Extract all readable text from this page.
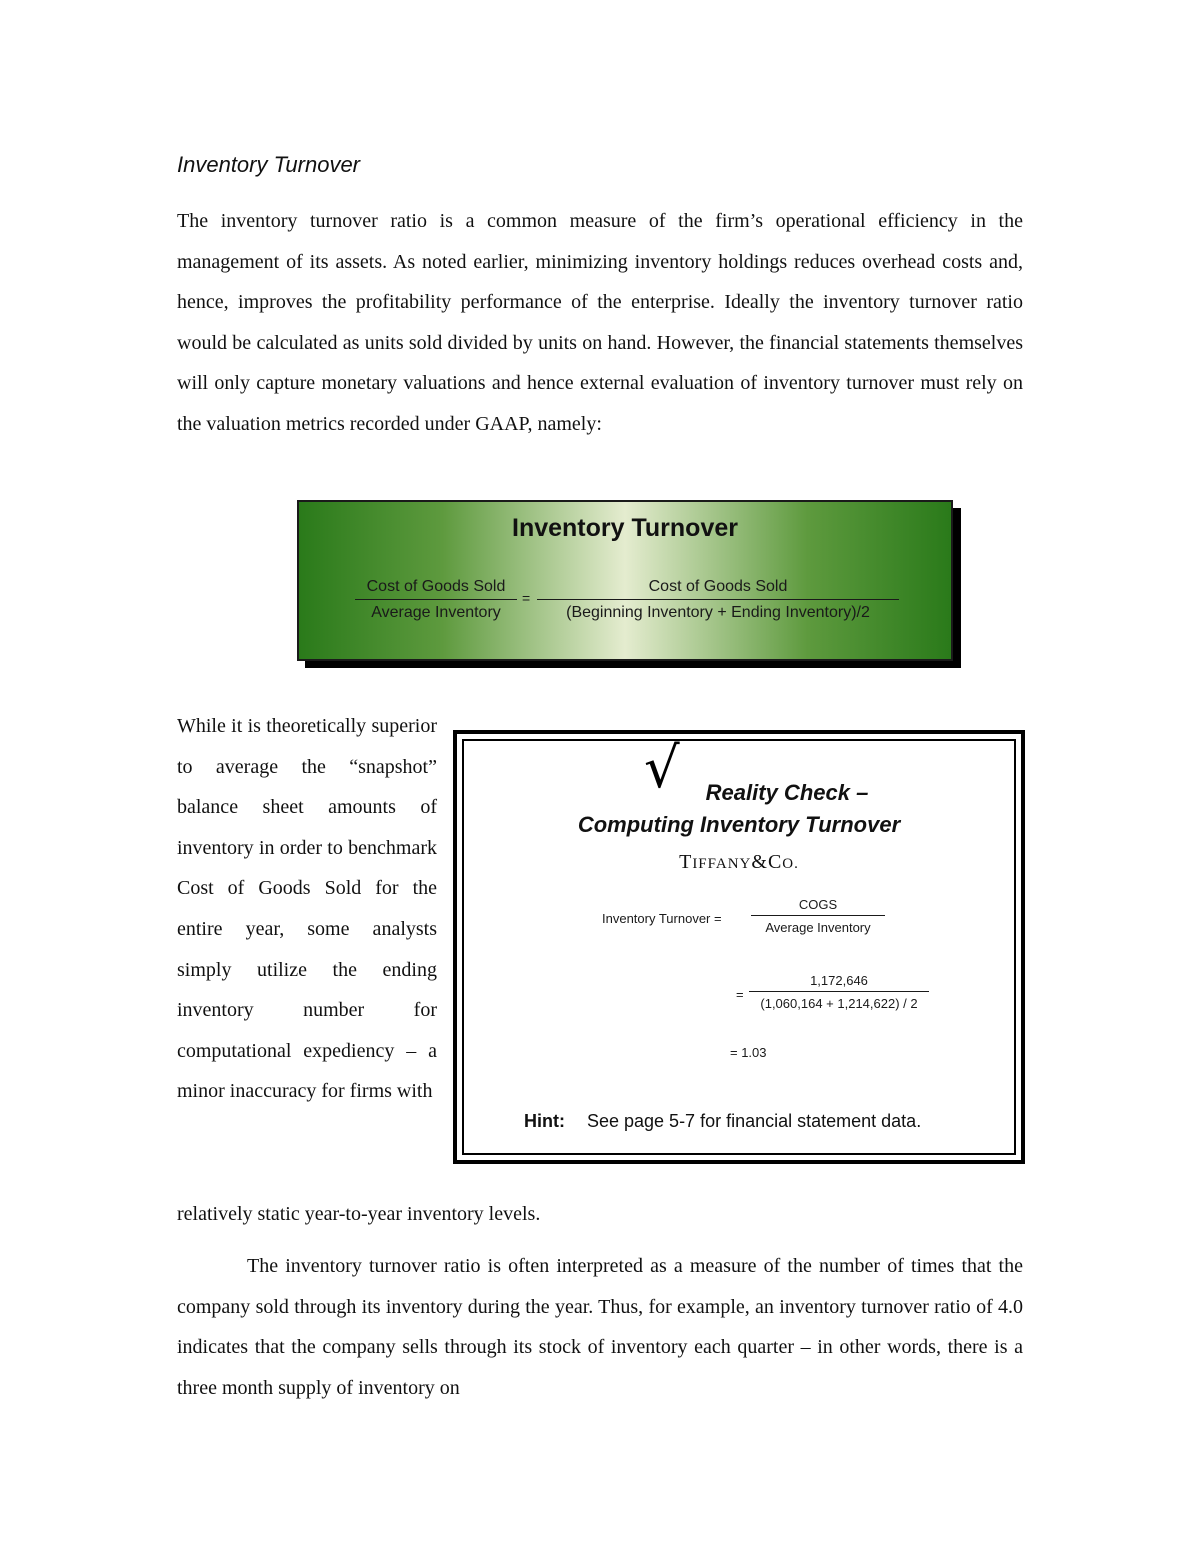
Inventory Turnover
The inventory turnover ratio is a common measure of the firm’s operational efficiency in the management of its assets. As noted earlier, minimizing inventory holdings reduces overhead costs and, hence, improves the profitability performance of the enterprise. Ideally the inventory turnover ratio would be calculated as units sold divided by units on hand. However, the financial statements themselves will only capture monetary valuations and hence external evaluation of inventory turnover must rely on the valuation metrics recorded under GAAP, namely:
Inventory Turnover
Cost of Goods Sold
Average Inventory
=
Cost of Goods Sold
(Beginning Inventory + Ending Inventory)/2
While it is theoretically superior to average the “snapshot” balance sheet amounts of inventory in order to benchmark Cost of Goods Sold for the entire year, some analysts simply utilize the ending inventory number for computational expediency – a minor inaccuracy for firms with
√	Reality Check –
Computing Inventory Turnover
TIFFANY&CO.
Inventory Turnover =
COGS
Average Inventory
= $\frac{1,172,646}{(1,060,164 + 1,214,622) / 2}$
= 1.03
Hint: See page 5-7 for financial statement data.
relatively static year-to-year inventory levels.
The inventory turnover ratio is often interpreted as a measure of the number of times that the company sold through its inventory during the year. Thus, for example, an inventory turnover ratio of 4.0 indicates that the company sells through its stock of inventory each quarter – in other words, there is a three month supply of inventory on
